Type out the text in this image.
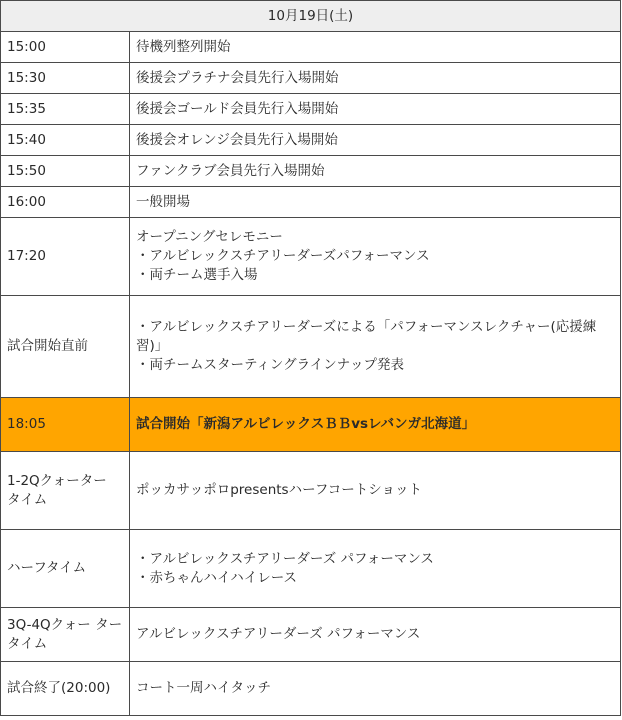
10月19日(土)	
15:00	待機列整列開始

15:30	後援会プラチナ会員先行入場開始

15:35	後援会ゴールド会員先行入場開始

15:40	後援会オレンジ会員先行入場開始

15:50	ファンクラブ会員先行入場開始

16:00	一般開場

17:20	オープニングセレモニー
・アルビレックスチアリーダーズパフォーマンス
・両チーム選手入場

試合開始直前	・アルビレックスチアリーダーズによる「パフォーマンスレクチャー(応援練習)」
・両チームスターティングラインナップ発表

18:05	試合開始「新潟アルビレックスＢＢvsレバンガ北海道」

1-2Qクォーター タイム	ポッカサッポロpresentsハーフコートショット

ハーフタイム	・アルビレックスチアリーダーズ パフォーマンス
・赤ちゃんハイハイレース

3Q-4Qクォー ター タイム	アルビレックスチアリーダーズ パフォーマンス

試合終了(20:00)	コート一周ハイタッチ
